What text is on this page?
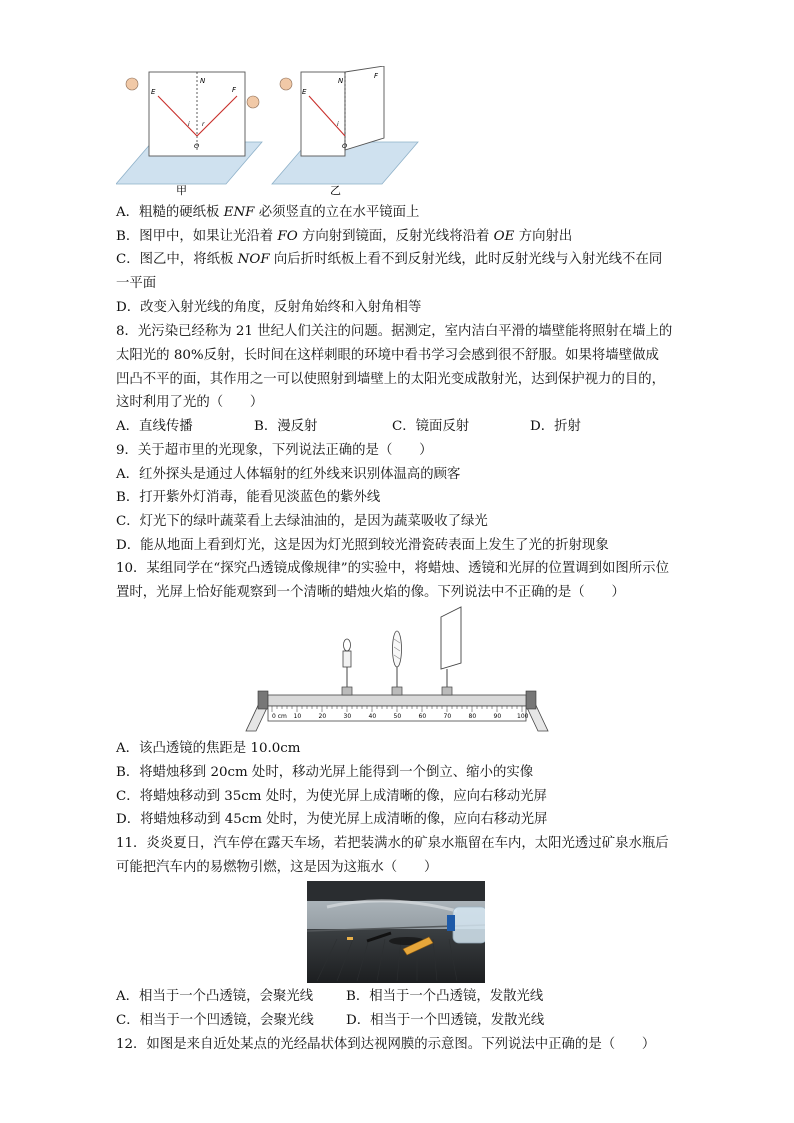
N
E	F
i r
O
甲
N
E
F
i
O
乙
A．粗糙的硬纸板 ENF 必须竖直的立在水平镜面上
B．图甲中，如果让光沿着 FO 方向射到镜面，反射光线将沿着 OE 方向射出
C．图乙中，将纸板 NOF 向后折时纸板上看不到反射光线，此时反射光线与入射光线不在同
一平面
D．改变入射光线的角度，反射角始终和入射角相等
8．光污染已经称为 21 世纪人们关注的问题。据测定，室内洁白平滑的墙壁能将照射在墙上的
太阳光的 80%反射，长时间在这样刺眼的环境中看书学习会感到很不舒服。如果将墙壁做成
凹凸不平的面，其作用之一可以使照射到墙壁上的太阳光变成散射光，达到保护视力的目的，
这时利用了光的（　　）
A．直线传播	B．漫反射	C．镜面反射	D．折射
9．关于超市里的光现象，下列说法正确的是（　　）
A．红外探头是通过人体辐射的红外线来识别体温高的顾客
B．打开紫外灯消毒，能看见淡蓝色的紫外线
C．灯光下的绿叶蔬菜看上去绿油油的，是因为蔬菜吸收了绿光
D．能从地面上看到灯光，这是因为灯光照到较光滑瓷砖表面上发生了光的折射现象
10．某组同学在“探究凸透镜成像规律”的实验中，将蜡烛、透镜和光屏的位置调到如图所示位
置时，光屏上恰好能观察到一个清晰的蜡烛火焰的像。下列说法中不正确的是（　　）
0 cm 10	20	30	40	50	60	70	80	90	100
A．该凸透镜的焦距是 10.0cm
B．将蜡烛移到 20cm 处时，移动光屏上能得到一个倒立、缩小的实像
C．将蜡烛移动到 35cm 处时，为使光屏上成清晰的像，应向右移动光屏
D．将蜡烛移动到 45cm 处时，为使光屏上成清晰的像，应向右移动光屏
11．炎炎夏日，汽车停在露天车场，若把装满水的矿泉水瓶留在车内，太阳光透过矿泉水瓶后
可能把汽车内的易燃物引燃，这是因为这瓶水（　　）
A．相当于一个凸透镜，会聚光线 B．相当于一个凸透镜，发散光线
C．相当于一个凹透镜，会聚光线 D．相当于一个凹透镜，发散光线
12．如图是来自近处某点的光经晶状体到达视网膜的示意图。下列说法中正确的是（　　）
